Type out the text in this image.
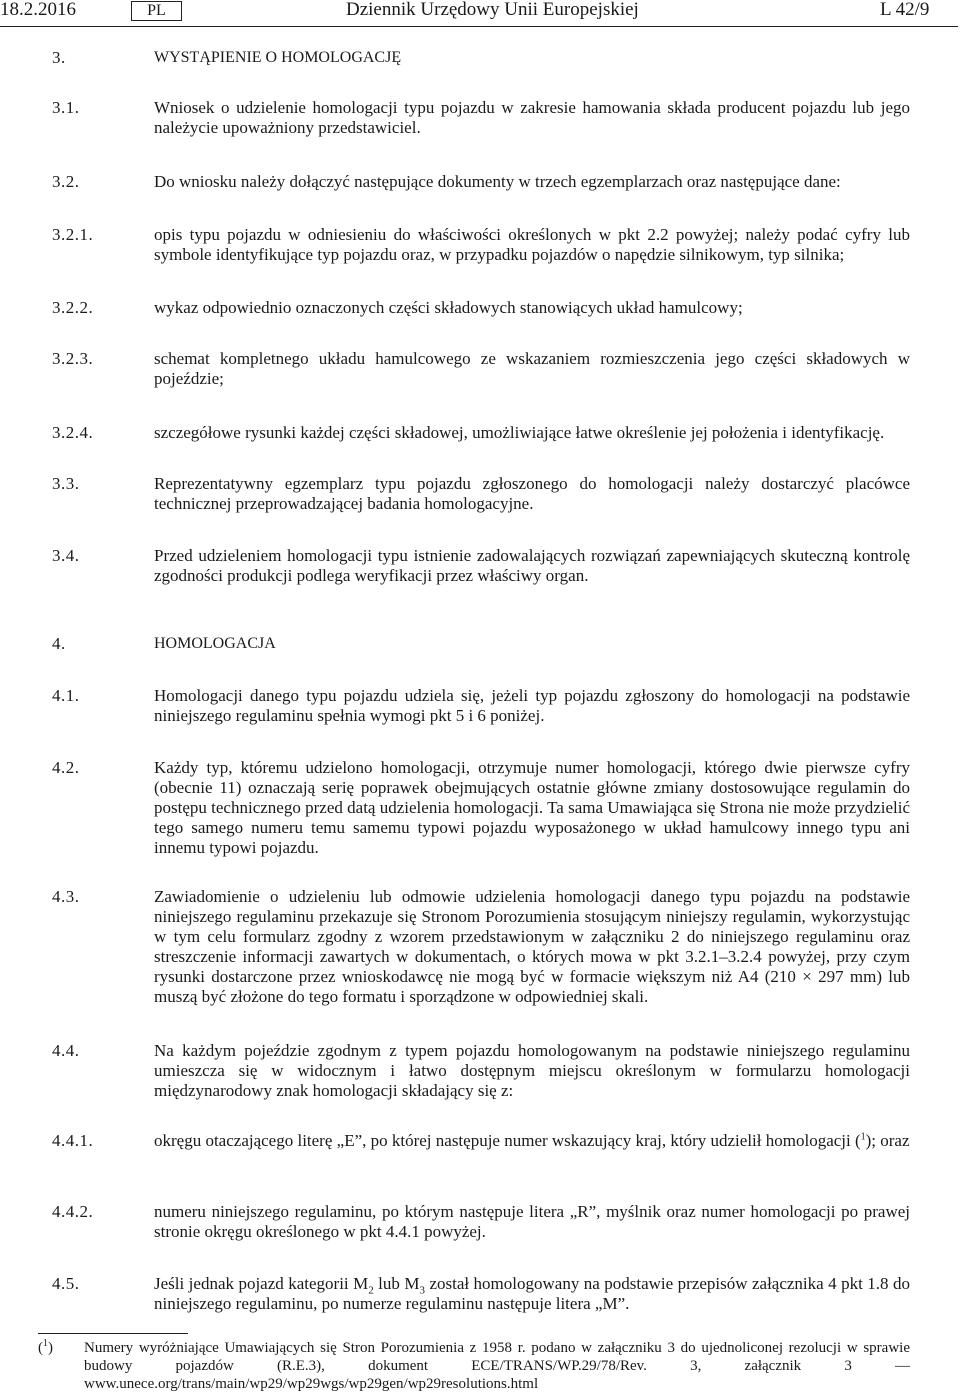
18.2.2016	PL	Dziennik Urzędowy Unii Europejskiej	L 42/9
3.	WYSTĄPIENIE O HOMOLOGACJĘ
3.1.	Wniosek o udzielenie homologacji typu pojazdu w zakresie hamowania składa producent pojazdu lub jego należycie upoważniony przedstawiciel.
3.2.	Do wniosku należy dołączyć następujące dokumenty w trzech egzemplarzach oraz następujące dane:
3.2.1.	opis typu pojazdu w odniesieniu do właściwości określonych w pkt 2.2 powyżej; należy podać cyfry lub symbole identyfikujące typ pojazdu oraz, w przypadku pojazdów o napędzie silnikowym, typ silnika;
3.2.2.	wykaz odpowiednio oznaczonych części składowych stanowiących układ hamulcowy;
3.2.3.	schemat kompletnego układu hamulcowego ze wskazaniem rozmieszczenia jego części składowych w pojeździe;
3.2.4.	szczegółowe rysunki każdej części składowej, umożliwiające łatwe określenie jej położenia i identyfikację.
3.3.	Reprezentatywny egzemplarz typu pojazdu zgłoszonego do homologacji należy dostarczyć placówce technicznej przeprowadzającej badania homologacyjne.
3.4.	Przed udzieleniem homologacji typu istnienie zadowalających rozwiązań zapewniających skuteczną kontrolę zgodności produkcji podlega weryfikacji przez właściwy organ.
4.	HOMOLOGACJA
4.1.	Homologacji danego typu pojazdu udziela się, jeżeli typ pojazdu zgłoszony do homologacji na podstawie niniejszego regulaminu spełnia wymogi pkt 5 i 6 poniżej.
4.2.	Każdy typ, któremu udzielono homologacji, otrzymuje numer homologacji, którego dwie pierwsze cyfry (obecnie 11) oznaczają serię poprawek obejmujących ostatnie główne zmiany dostosowujące regulamin do postępu technicznego przed datą udzielenia homologacji. Ta sama Umawiająca się Strona nie może przydzielić tego samego numeru temu samemu typowi pojazdu wyposażonego w układ hamulcowy innego typu ani innemu typowi pojazdu.
4.3.	Zawiadomienie o udzieleniu lub odmowie udzielenia homologacji danego typu pojazdu na podstawie niniejszego regulaminu przekazuje się Stronom Porozumienia stosującym niniejszy regulamin, wykorzystując w tym celu formularz zgodny z wzorem przedstawionym w załączniku 2 do niniejszego regulaminu oraz streszczenie informacji zawartych w dokumentach, o których mowa w pkt 3.2.1–3.2.4 powyżej, przy czym rysunki dostarczone przez wnioskodawcę nie mogą być w formacie większym niż A4 (210 × 297 mm) lub muszą być złożone do tego formatu i sporządzone w odpowiedniej skali.
4.4.	Na każdym pojeździe zgodnym z typem pojazdu homologowanym na podstawie niniejszego regulaminu umieszcza się w widocznym i łatwo dostępnym miejscu określonym w formularzu homologacji międzynarodowy znak homologacji składający się z:
4.4.1.	okręgu otaczającego literę „E”, po której następuje numer wskazujący kraj, który udzielił homologacji ($^1$); oraz
4.4.2.	numeru niniejszego regulaminu, po którym następuje litera „R”, myślnik oraz numer homologacji po prawej stronie okręgu określonego w pkt 4.4.1 powyżej.
4.5.	Jeśli jednak pojazd kategorii $M_2$ lub $M_3$ został homologowany na podstawie przepisów załącznika 4 pkt 1.8 do niniejszego regulaminu, po numerze regulaminu następuje litera „M”.
($^1$)	Numery wyróżniające Umawiających się Stron Porozumienia z 1958 r. podano w załączniku 3 do ujednoliconej rezolucji w sprawie budowy pojazdów (R.E.3), dokument ECE/TRANS/WP.29/78/Rev. 3, załącznik 3 — www.unece.org/trans/main/wp29/wp29wgs/wp29gen/wp29resolutions.html
